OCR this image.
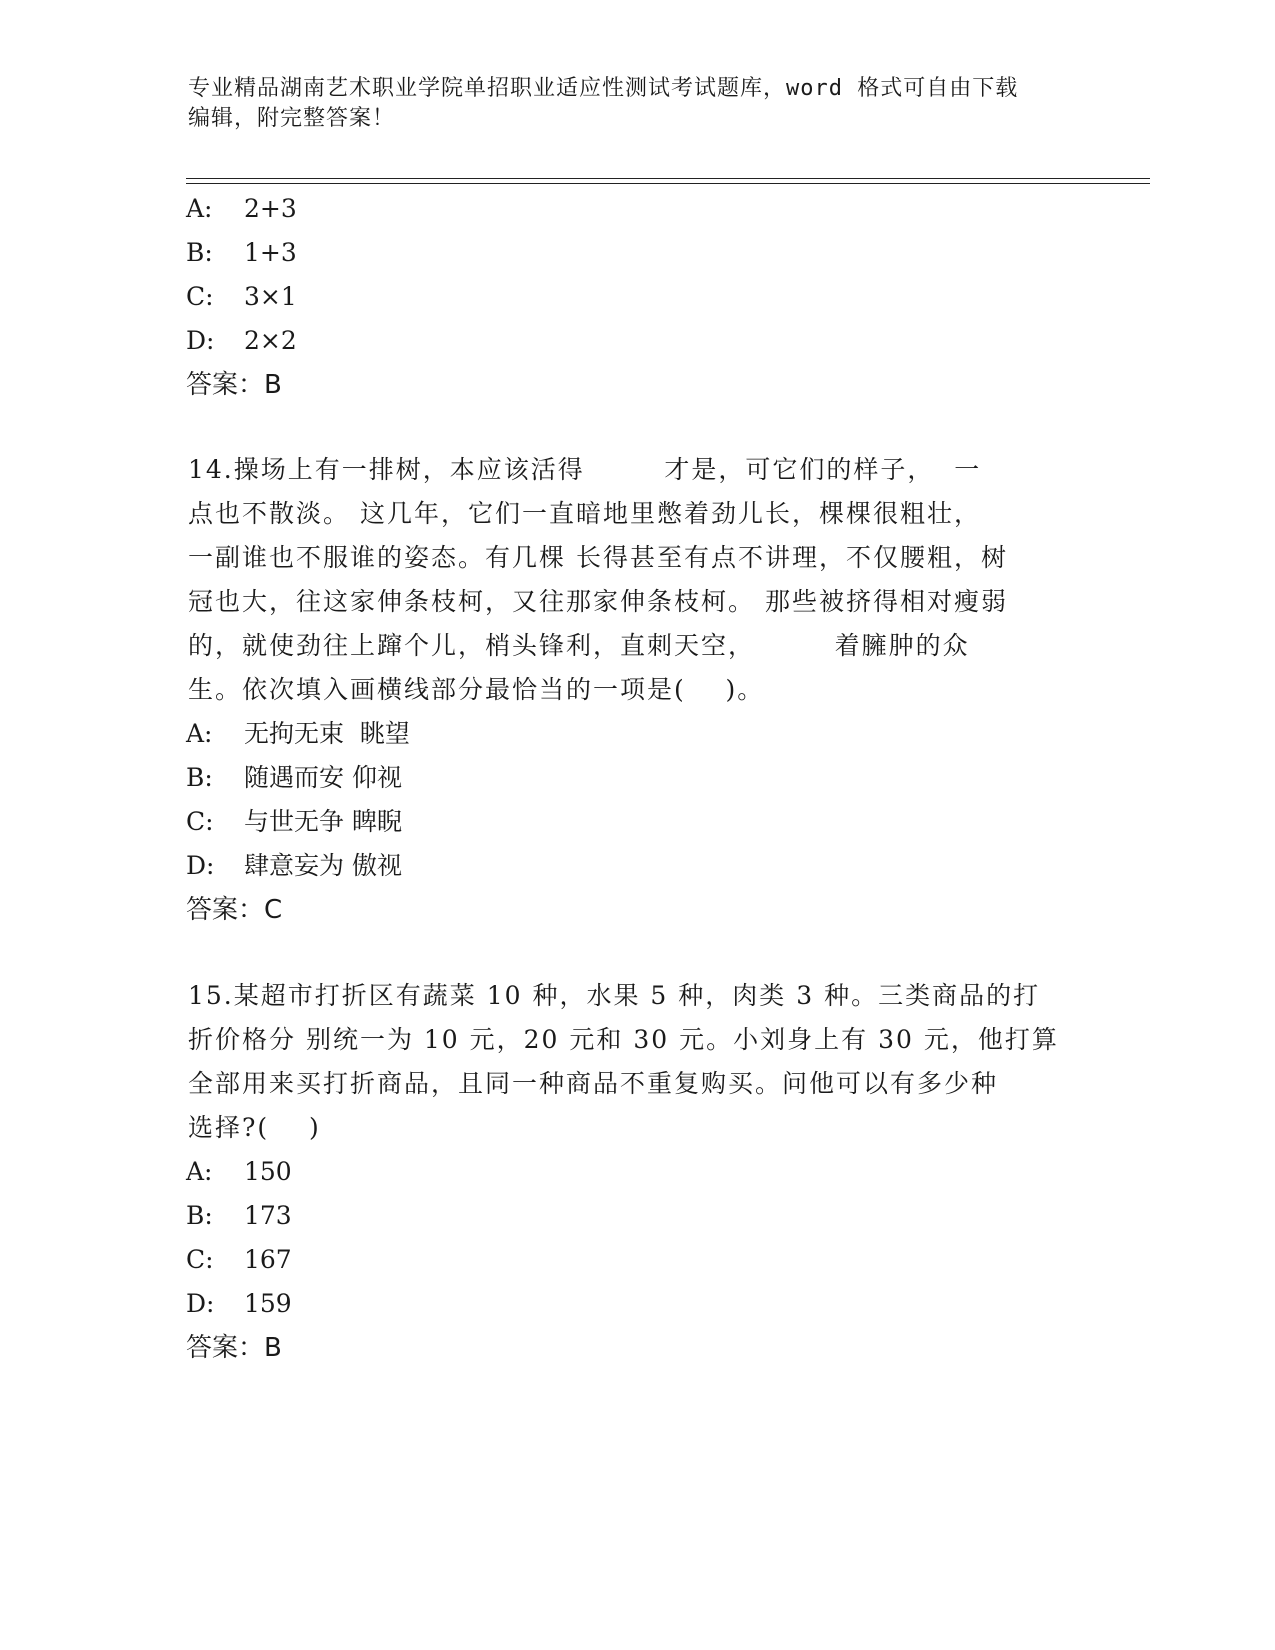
专业精品湖南艺术职业学院单招职业适应性测试考试题库，word 格式可自由下载
编辑，附完整答案！
A: 2+3
B: 1+3
C: 3×1
D: 2×2
答案：B
14.操场上有一排树，本应该活得        才是，可它们的样子，  一
点也不散淡。 这几年，它们一直暗地里憋着劲儿长，棵棵很粗壮，
一副谁也不服谁的姿态。有几棵 长得甚至有点不讲理，不仅腰粗，树
冠也大，往这家伸条枝柯，又往那家伸条枝柯。 那些被挤得相对瘦弱
的，就使劲往上蹿个儿，梢头锋利，直刺天空，        着臃肿的众
生。依次填入画横线部分最恰当的一项是(    )。
A: 无拘无束  眺望
B: 随遇而安 仰视
C: 与世无争 睥睨
D: 肆意妄为 傲视
答案：C
15.某超市打折区有蔬菜 10 种，水果 5 种，肉类 3 种。三类商品的打
折价格分 别统一为 10 元，20 元和 30 元。小刘身上有 30 元，他打算
全部用来买打折商品，且同一种商品不重复购买。问他可以有多少种
选择?(    )
A: 150
B: 173
C: 167
D: 159
答案：B
